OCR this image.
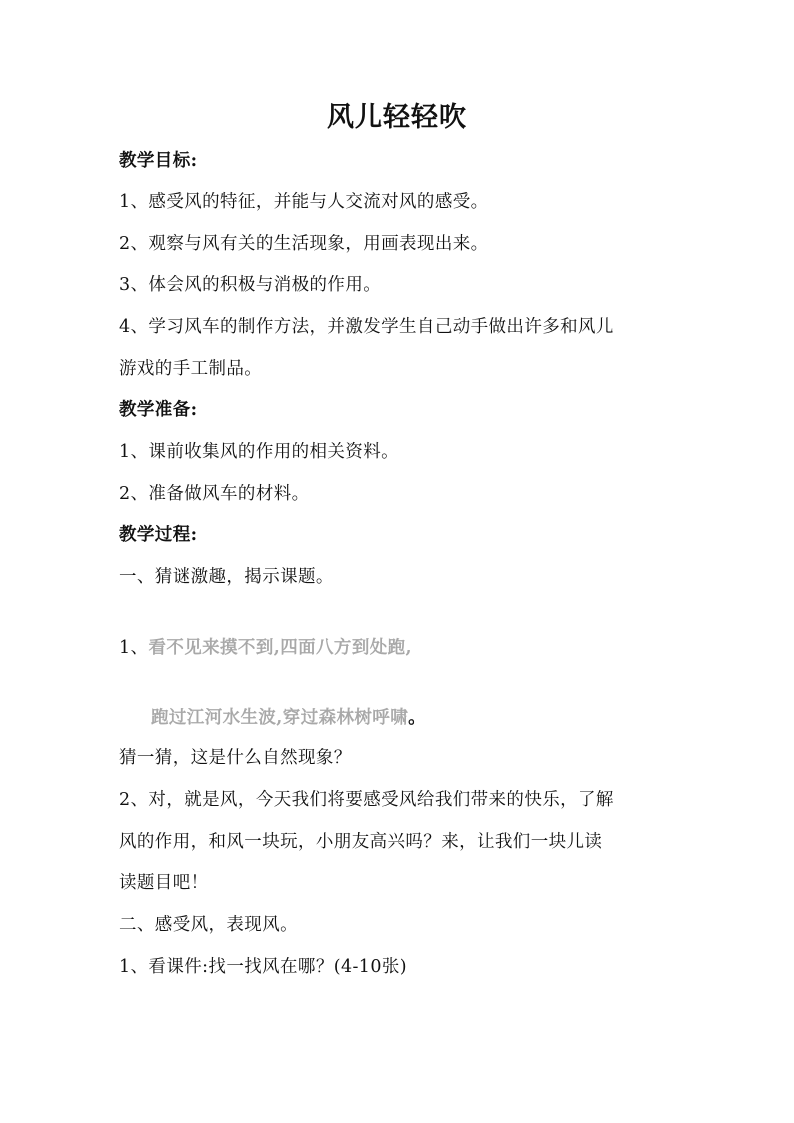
风儿轻轻吹
教学目标:
1、感受风的特征，并能与人交流对风的感受。
2、观察与风有关的生活现象，用画表现出来。
3、体会风的积极与消极的作用。
4、学习风车的制作方法，并激发学生自己动手做出许多和风儿
游戏的手工制品。
教学准备:
1、课前收集风的作用的相关资料。
2、准备做风车的材料。
教学过程:
一、猜谜激趣，揭示课题。
1、看不见来摸不到,四面八方到处跑,
跑过江河水生波,穿过森林树呼啸。
猜一猜，这是什么自然现象？
2、对，就是风，今天我们将要感受风给我们带来的快乐，了解
风的作用，和风一块玩，小朋友高兴吗？来，让我们一块儿读
读题目吧！
二、感受风，表现风。
1、看课件:找一找风在哪？(4-10张)
